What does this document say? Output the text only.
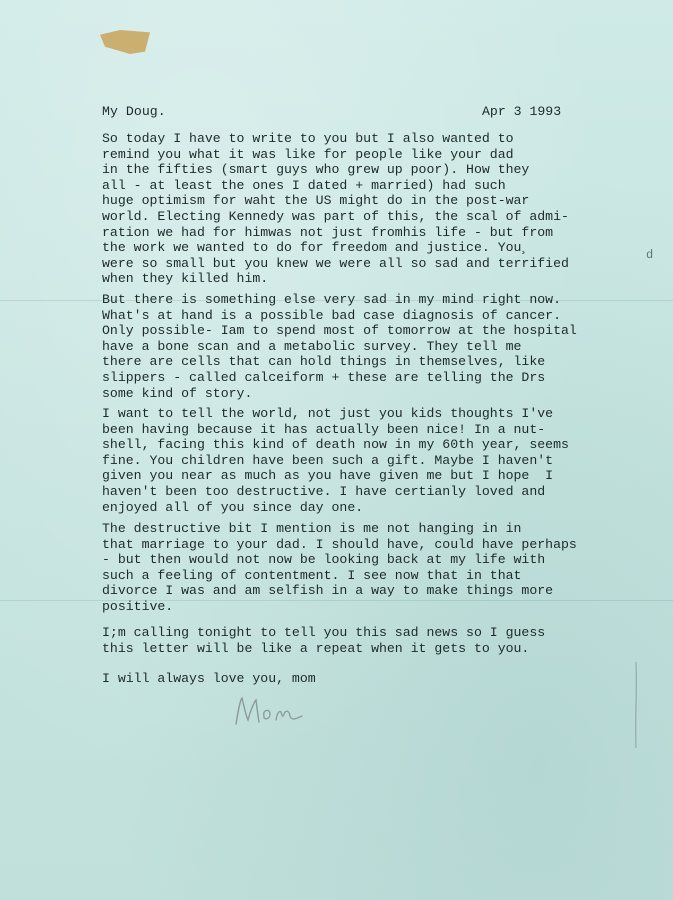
My Doug.	Apr 3 1993
So today I have to write to you but I also wanted to
remind you what it was like for people like your dad
in the fifties (smart guys who grew up poor). How they
all - at least the ones I dated + married) had such
huge optimism for waht the US might do in the post-war
world. Electing Kennedy was part of this, the scal of admi-
ration we had for himwas not just fromhis life - but from
the work we wanted to do for freedom and justice. You¸
were so small but you knew we were all so sad and terrified
when they killed him.
d
But there is something else very sad in my mind right now.
What's at hand is a possible bad case diagnosis of cancer.
Only possible- Iam to spend most of tomorrow at the hospital
have a bone scan and a metabolic survey. They tell me
there are cells that can hold things in themselves, like
slippers - called calceiform + these are telling the Drs
some kind of story.
I want to tell the world, not just you kids thoughts I've
been having because it has actually been nice! In a nut-
shell, facing this kind of death now in my 60th year, seems
fine. You children have been such a gift. Maybe I haven't
given you near as much as you have given me but I hope  I
haven't been too destructive. I have certianly loved and
enjoyed all of you since day one.
The destructive bit I mention is me not hanging in in
that marriage to your dad. I should have, could have perhaps
- but then would not now be looking back at my life with
such a feeling of contentment. I see now that in that
divorce I was and am selfish in a way to make things more
positive.
I;m calling tonight to tell you this sad news so I guess
this letter will be like a repeat when it gets to you.
I will always love you, mom
